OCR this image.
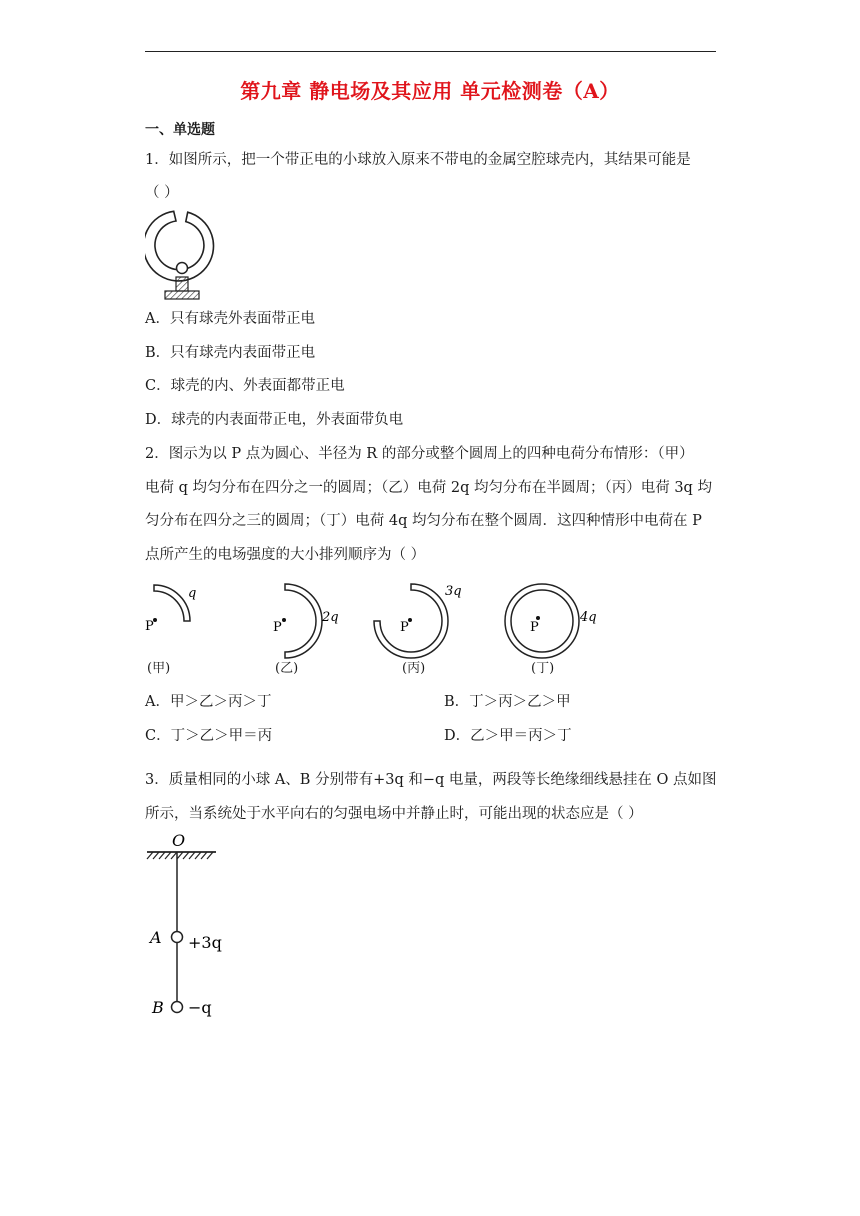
第九章 静电场及其应用 单元检测卷（A）
一、单选题
1．如图所示，把一个带正电的小球放入原来不带电的金属空腔球壳内，其结果可能是
（ ）
A．只有球壳外表面带正电
B．只有球壳内表面带正电
C．球壳的内、外表面都带正电
D．球壳的内表面带正电，外表面带负电
2．图示为以 P 点为圆心、半径为 R 的部分或整个圆周上的四种电荷分布情形：（甲）
电荷 q 均匀分布在四分之一的圆周；（乙）电荷 2q 均匀分布在半圆周；（丙）电荷 3q 均
匀分布在四分之三的圆周；（丁）电荷 4q 均匀分布在整个圆周．这四种情形中电荷在 P
点所产生的电场强度的大小排列顺序为（ ）
P
q
P
2q
P
3q
P
4q
(甲)	(乙)	(丙)	(丁)
A．甲＞乙＞丙＞丁	B．丁＞丙＞乙＞甲
C．丁＞乙＞甲＝丙	D．乙＞甲＝丙＞丁
3．质量相同的小球 A、B 分别带有+3q 和−q 电量，两段等长绝缘细线悬挂在 O 点如图
所示，当系统处于水平向右的匀强电场中并静止时，可能出现的状态应是（ ）
O
A +3q
B −q
